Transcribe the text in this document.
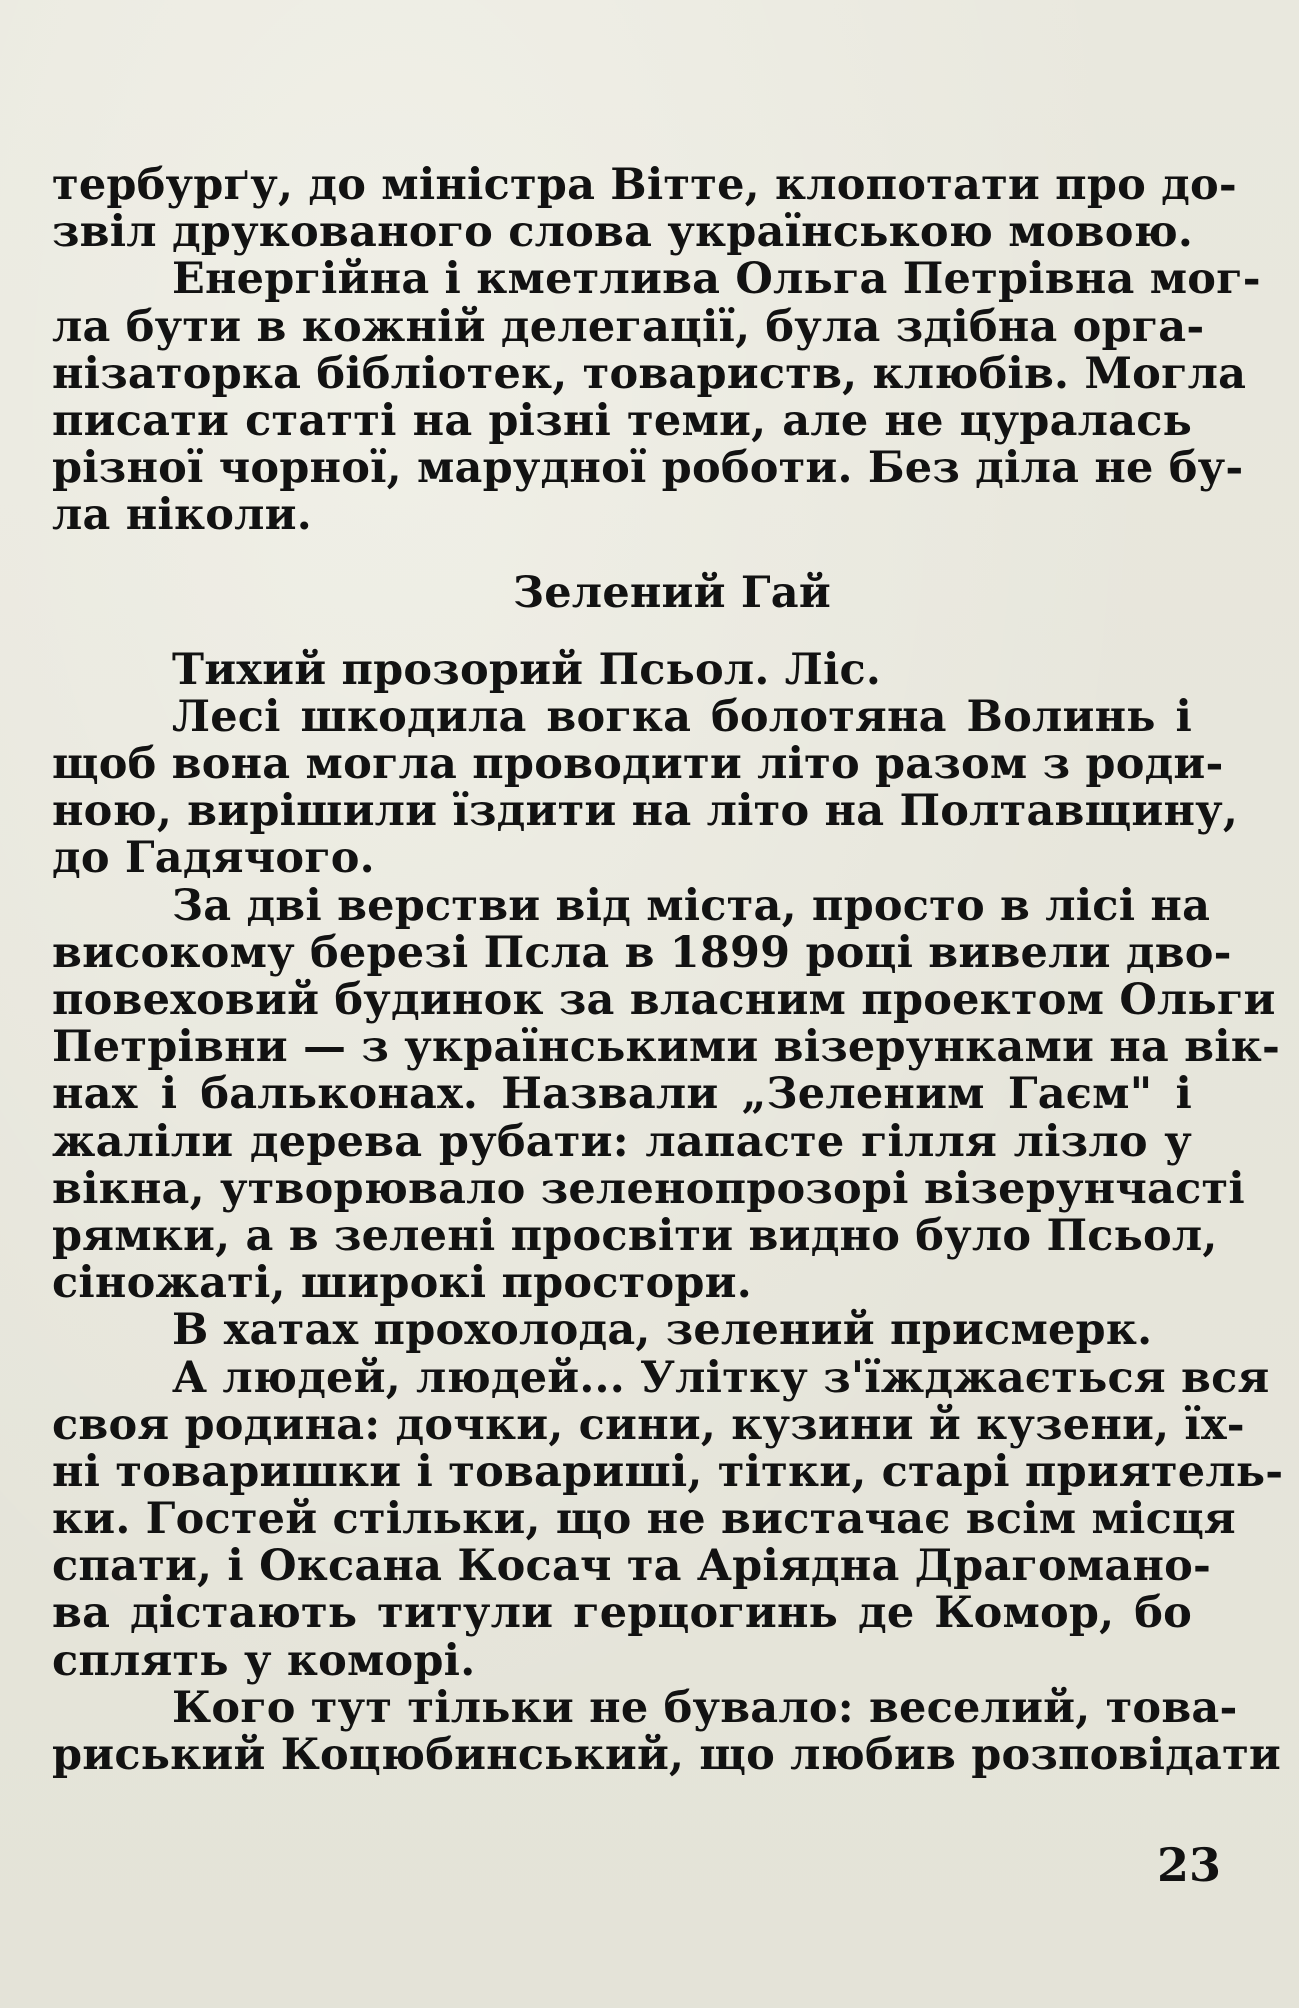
тербурґу, до міністра Вітте, клопотати про до-
звіл друкованого слова українською мовою.
Енергійна і кметлива Ольга Петрівна мог-
ла бути в кожній делегації, була здібна орга-
нізаторка бібліотек, товариств, клюбів. Могла
писати статті на різні теми, але не цуралась
різної чорної, марудної роботи. Без діла не бу-
ла ніколи.
Зелений Гай
Тихий прозорий Псьол. Ліс.
Лесі шкодила вогка болотяна Волинь і
щоб вона могла проводити літо разом з роди-
ною, вирішили їздити на літо на Полтавщину,
до Гадячого.
За дві верстви від міста, просто в лісі на
високому березі Псла в 1899 році вивели дво-
повеховий будинок за власним проектом Ольги
Петрівни — з українськими візерунками на вік-
нах і бальконах. Назвали „Зеленим Гаєм" і
жаліли дерева рубати: лапасте гілля лізло у
вікна, утворювало зеленопрозорі візерунчасті
рямки, а в зелені просвіти видно було Псьол,
сіножаті, широкі простори.
В хатах прохолода, зелений присмерк.
А людей, людей... Улітку з'їжджається вся
своя родина: дочки, сини, кузини й кузени, їх-
ні товаришки і товариші, тітки, старі приятель-
ки. Гостей стільки, що не вистачає всім місця
спати, і Оксана Косач та Аріядна Драгомано-
ва дістають титули герцогинь де Комор, бо
сплять у коморі.
Кого тут тільки не бувало: веселий, това-
риський Коцюбинський, що любив розповідати
23
